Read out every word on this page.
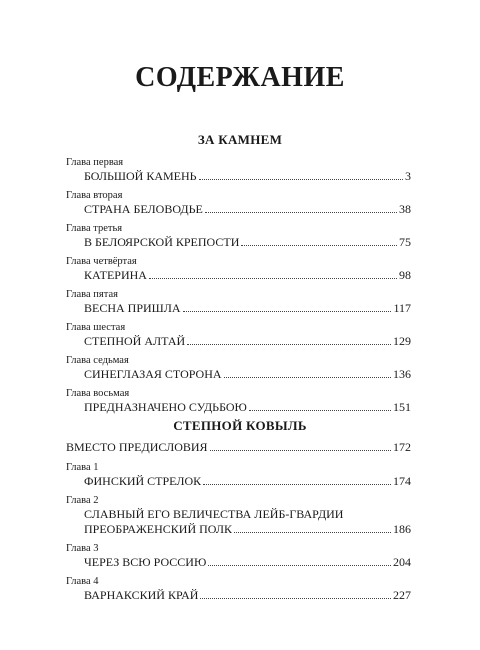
СОДЕРЖАНИЕ
ЗА КАМНЕМ
Глава первая
БОЛЬШОЙ КАМЕНЬ	3
Глава вторая
СТРАНА БЕЛОВОДЬЕ	38
Глава третья
В БЕЛОЯРСКОЙ КРЕПОСТИ	75
Глава четвёртая
КАТЕРИНА	98
Глава пятая
ВЕСНА ПРИШЛА	117
Глава шестая
СТЕПНОЙ АЛТАЙ	129
Глава седьмая
СИНЕГЛАЗАЯ СТОРОНА	136
Глава восьмая
ПРЕДНАЗНАЧЕНО СУДЬБОЮ	151
СТЕПНОЙ КОВЫЛЬ
ВМЕСТО ПРЕДИСЛОВИЯ	172
Глава 1
ФИНСКИЙ СТРЕЛОК	174
Глава 2
СЛАВНЫЙ ЕГО ВЕЛИЧЕСТВА ЛЕЙБ-ГВАРДИИ
ПРЕОБРАЖЕНСКИЙ ПОЛК	186
Глава 3
ЧЕРЕЗ ВСЮ РОССИЮ	204
Глава 4
ВАРНАКСКИЙ КРАЙ	227
